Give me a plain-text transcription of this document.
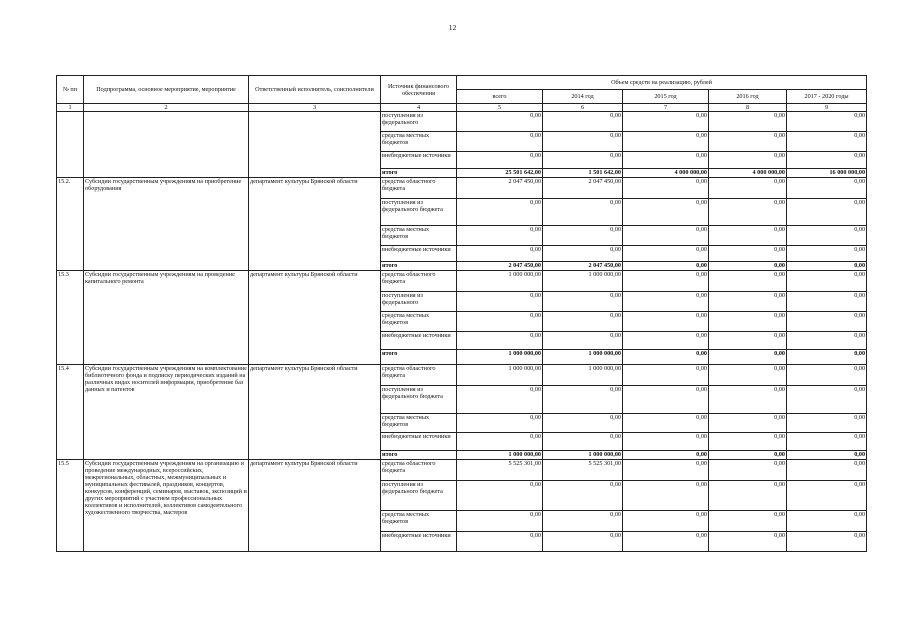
12
№ пп	Подпрограмма, основное мероприятие, мероприятие	Ответственный исполнитель, соисполнители	Источник финансового обеспечения	Объем средств на реализацию, рублей				
				всего	2014 год	2015 год	2016 год	2017 - 2020 годы
1	2	3	4	5	6	7	8	9
			поступления из федерального	0,00	0,00	0,00	0,00	0,00
			средства местных бюджетов	0,00	0,00	0,00	0,00	0,00
			внебюджетные источники	0,00	0,00	0,00	0,00	0,00
			итого	25 501 642,00	1 501 642,00	4 000 000,00	4 000 000,00	16 000 000,00
15.2.	Субсидии государственным учреждениям на приобретение оборудования	департамент культуры Брянской области	средства областного бюджета	2 047 450,00	2 047 450,00	0,00	0,00	0,00
			поступления из федерального бюджета	0,00	0,00	0,00	0,00	0,00
			средства местных бюджетов	0,00	0,00	0,00	0,00	0,00
			внебюджетные источники	0,00	0,00	0,00	0,00	0,00
			итого	2 047 450,00	2 047 450,00	0,00	0,00	0,00
15.3	Субсидии государственным учреждениям на проведение капитального ремонта	департамент культуры Брянской области	средства областного бюджета	1 000 000,00	1 000 000,00	0,00	0,00	0,00
			поступления из федерального	0,00	0,00	0,00	0,00	0,00
			средства местных бюджетов	0,00	0,00	0,00	0,00	0,00
			внебюджетные источники	0,00	0,00	0,00	0,00	0,00
			итого	1 000 000,00	1 000 000,00	0,00	0,00	0,00
15.4	Субсидии государственным учреждениям на комплектование библиотечного фонда и подписку периодических изданий на различных видах носителей информации, приобретение баз данных и патентов	департамент культуры Брянской области	средства областного бюджета	1 000 000,00	1 000 000,00	0,00	0,00	0,00
			поступления из федерального бюджета	0,00	0,00	0,00	0,00	0,00
			средства местных бюджетов	0,00	0,00	0,00	0,00	0,00
			внебюджетные источники	0,00	0,00	0,00	0,00	0,00
			итого	1 000 000,00	1 000 000,00	0,00	0,00	0,00
15.5	Субсидии государственным учреждениям на организацию и проведение международных, всероссийских, межрегиональных, областных, межмуниципальных и муниципальных фестивалей, праздников, концертов, конкурсов, конференций, семинаров, выставок, экспозиций и других мероприятий с участием профессиональных коллективов и исполнителей, коллективов самодеятельного художественного творчества, мастеров	департамент культуры Брянской области	средства областного бюджета	5 525 301,00	5 525 301,00	0,00	0,00	0,00
			поступления из федерального бюджета	0,00	0,00	0,00	0,00	0,00
			средства местных бюджетов	0,00	0,00	0,00	0,00	0,00
			внебюджетные источники	0,00	0,00	0,00	0,00	0,00
